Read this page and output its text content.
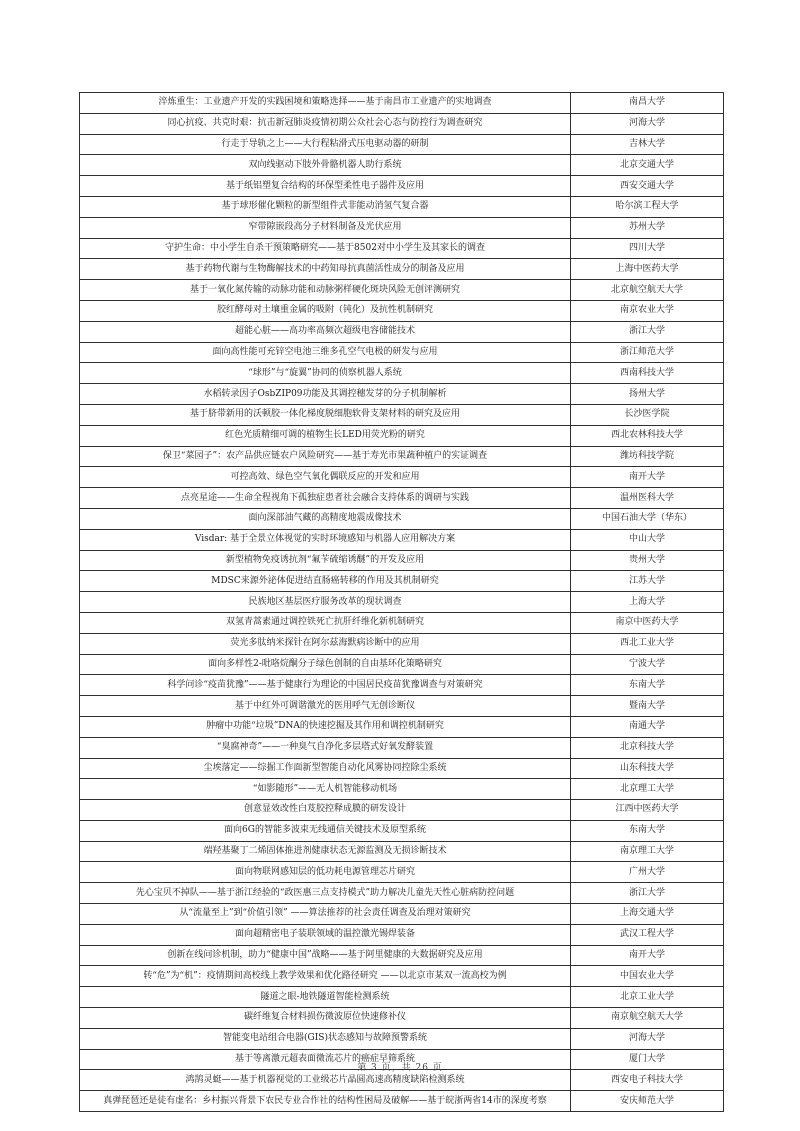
淬炼重生：工业遗产开发的实践困境和策略选择——基于南昌市工业遗产的实地调查	南昌大学
同心抗疫、共克时艰：抗击新冠肺炎疫情初期公众社会心态与防控行为调查研究	河海大学
行走于导轨之上——大行程粘滑式压电驱动器的研制	吉林大学
双向线驱动下肢外骨骼机器人助行系统	北京交通大学
基于纸铝塑复合结构的环保型柔性电子器件及应用	西安交通大学
基于球形催化颗粒的新型组件式非能动消氢气复合器	哈尔滨工程大学
窄带隙嵌段高分子材料制备及光伏应用	苏州大学
守护生命：中小学生自杀干预策略研究——基于8502对中小学生及其家长的调查	四川大学
基于药物代谢与生物酶解技术的中药知母抗真菌活性成分的制备及应用	上海中医药大学
基于一氧化氮传输的动脉功能和动脉粥样硬化斑块风险无创评测研究	北京航空航天大学
胶红酵母对土壤重金属的吸附（钝化）及抗性机制研究	南京农业大学
超能心脏——高功率高频次超级电容储能技术	浙江大学
面向高性能可充锌空电池三维多孔空气电极的研发与应用	浙江师范大学
“球形”与“旋翼”协同的侦察机器人系统	西南科技大学
水稻转录因子OsbZIP09功能及其调控穗发芽的分子机制解析	扬州大学
基于脐带新用的沃顿胶一体化梯度脱细胞软骨支架材料的研究及应用	长沙医学院
红色光质精细可调的植物生长LED用荧光粉的研究	西北农林科技大学
保卫“菜园子”：农产品供应链农户风险研究——基于寿光市果蔬种植户的实证调查	潍坊科技学院
可控高效、绿色空气氧化偶联反应的开发和应用	南开大学
点亮星途——生命全程视角下孤独症患者社会融合支持体系的调研与实践	温州医科大学
面向深部油气藏的高精度地震成像技术	中国石油大学（华东）
Visdar: 基于全景立体视觉的实时环境感知与机器人应用解决方案	中山大学
新型植物免疫诱抗剂“氟苄硫缩诱醚”的开发及应用	贵州大学
MDSC来源外泌体促进结直肠癌转移的作用及其机制研究	江苏大学
民族地区基层医疗服务改革的现状调查	上海大学
双氢青蒿素通过调控铁死亡抗肝纤维化新机制研究	南京中医药大学
荧光多肽纳米探针在阿尔兹海默病诊断中的应用	西北工业大学
面向多样性2-吡咯烷酮分子绿色创制的自由基环化策略研究	宁波大学
科学问诊“疫苗犹豫”——基于健康行为理论的中国居民疫苗犹豫调查与对策研究	东南大学
基于中红外可调谐激光的医用呼气无创诊断仪	暨南大学
肿瘤中功能“垃圾”DNA的快速挖掘及其作用和调控机制研究	南通大学
“臭腐神奇”——一种臭气自净化多层塔式好氧发酵装置	北京科技大学
尘埃落定——综掘工作面新型智能自动化风雾协同控除尘系统	山东科技大学
“如影随形”——无人机智能移动机场	北京理工大学
创意显效改性白芨胶控释成膜的研发设计	江西中医药大学
面向6G的智能多波束无线通信关键技术及原型系统	东南大学
端羟基聚丁二烯固体推进剂健康状态无源监测及无损诊断技术	南京理工大学
面向物联网感知层的低功耗电源管理芯片研究	广州大学
先心宝贝不掉队——基于浙江经验的“政医惠三点支持模式”助力解决儿童先天性心脏病防控问题	浙江大学
从“流量至上”到“价值引领” ——算法推荐的社会责任调查及治理对策研究	上海交通大学
面向超精密电子装联领域的温控激光锡焊装备	武汉工程大学
创新在线问诊机制，助力“健康中国”战略——基于阿里健康的大数据研究及应用	南开大学
转“危”为“机”：疫情期间高校线上教学效果和优化路径研究 ——以北京市某双一流高校为例	中国农业大学
隧道之眼-地铁隧道智能检测系统	北京工业大学
碳纤维复合材料损伤微波原位快速修补仪	南京航空航天大学
智能变电站组合电器(GIS)状态感知与故障预警系统	河海大学
基于等离激元超表面微流芯片的癌症早筛系统	厦门大学
鸿鹄灵蜓——基于机器视觉的工业级芯片晶圆高速高精度缺陷检测系统	西安电子科技大学
真弹琵琶还是徒有虚名：乡村振兴背景下农民专业合作社的结构性困局及破解——基于皖浙两省14市的深度考察	安庆师范大学
第 3 页，共 26 页
